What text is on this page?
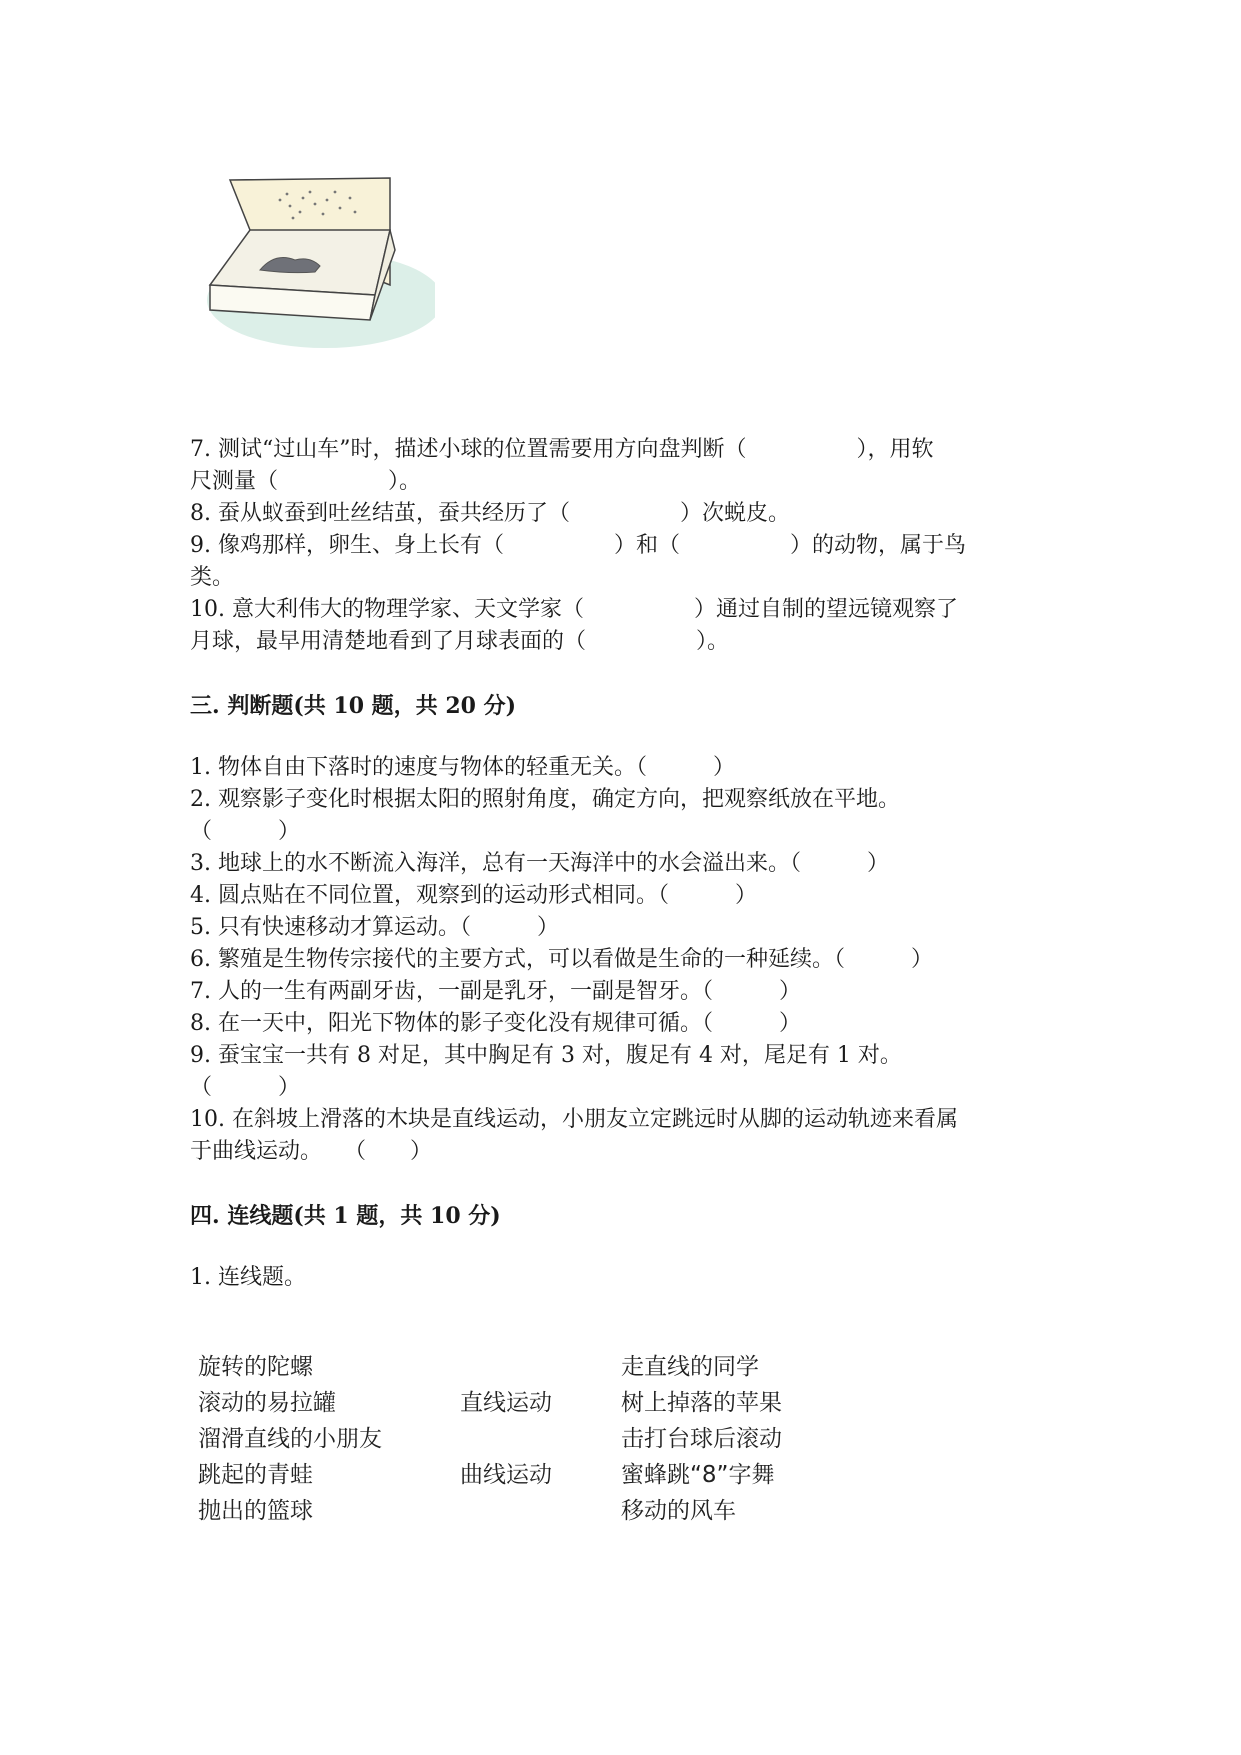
7. 测试“过山车”时，描述小球的位置需要用方向盘判断（　　　　　），用软
尺测量（　　　　　）。
8. 蚕从蚁蚕到吐丝结茧，蚕共经历了（　　　　　）次蜕皮。
9. 像鸡那样，卵生、身上长有（　　　　　）和（　　　　　）的动物，属于鸟
类。
10. 意大利伟大的物理学家、天文学家（　　　　　）通过自制的望远镜观察了
月球，最早用清楚地看到了月球表面的（　　　　　）。
三. 判断题(共 10 题，共 20 分)
1. 物体自由下落时的速度与物体的轻重无关。（　　　）
2. 观察影子变化时根据太阳的照射角度，确定方向，把观察纸放在平地。
（　　　）
3. 地球上的水不断流入海洋，总有一天海洋中的水会溢出来。（　　　）
4. 圆点贴在不同位置，观察到的运动形式相同。（　　　）
5. 只有快速移动才算运动。（　　　）
6. 繁殖是生物传宗接代的主要方式，可以看做是生命的一种延续。（　　　）
7. 人的一生有两副牙齿，一副是乳牙，一副是智牙。（　　　）
8. 在一天中，阳光下物体的影子变化没有规律可循。（　　　）
9. 蚕宝宝一共有 8 对足，其中胸足有 3 对，腹足有 4 对，尾足有 1 对。
（　　　）
10. 在斜坡上滑落的木块是直线运动，小朋友立定跳远时从脚的运动轨迹来看属
于曲线运动。　　（　　）
四. 连线题(共 1 题，共 10 分)
1. 连线题。
旋转的陀螺
滚动的易拉罐
溜滑直线的小朋友
跳起的青蛙
抛出的篮球
直线运动
曲线运动
走直线的同学
树上掉落的苹果
击打台球后滚动
蜜蜂跳“8”字舞
移动的风车
